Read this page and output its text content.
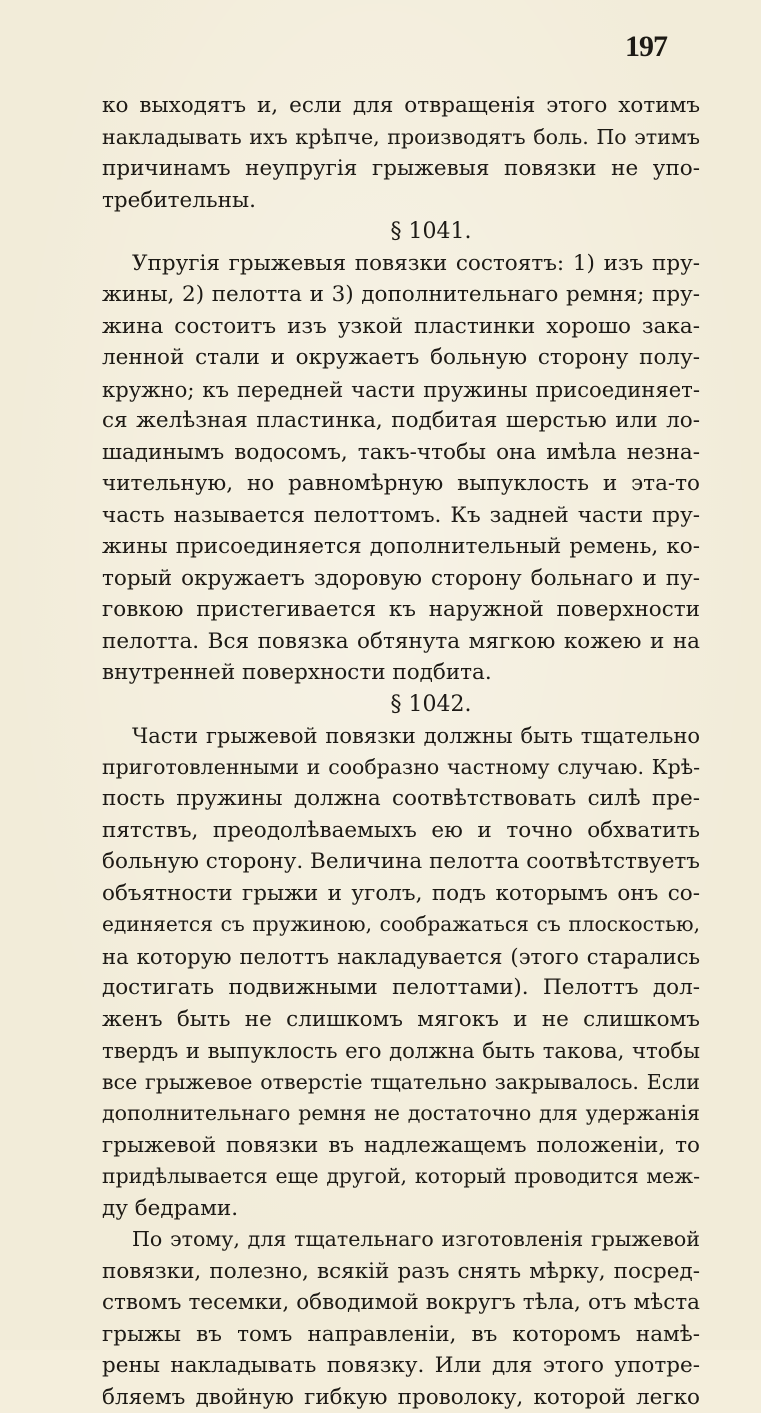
197
ко выходятъ и, если для отвращенія этого хотимъ
накладывать ихъ крѣпче, производятъ боль. По этимъ
причинамъ неупругія грыжевыя повязки не упо-
требительны.
§ 1041.
Упругія грыжевыя повязки состоятъ: 1) изъ пру-
жины, 2) пелотта и 3) дополнительнаго ремня; пру-
жина состоитъ изъ узкой пластинки хорошо зака-
ленной стали и окружаетъ больную сторону полу-
кружно; къ передней части пружины присоединяет-
ся желѣзная пластинка, подбитая шерстью или ло-
шадинымъ водосомъ, такъ-чтобы она имѣла незна-
чительную, но равномѣрную выпуклость и эта-то
часть называется пелоттомъ. Къ задней части пру-
жины присоединяется дополнительный ремень, ко-
торый окружаетъ здоровую сторону больнаго и пу-
говкою пристегивается къ наружной поверхности
пелотта. Вся повязка обтянута мягкою кожею и на
внутренней поверхности подбита.
§ 1042.
Части грыжевой повязки должны быть тщательно
приготовленными и сообразно частному случаю. Крѣ-
пость пружины должна соотвѣтствовать силѣ пре-
пятствъ, преодолѣваемыхъ ею и точно обхватить
больную сторону. Величина пелотта соотвѣтствуетъ
объятности грыжи и уголъ, подъ которымъ онъ со-
единяется съ пружиною, соображаться съ плоскостью,
на которую пелоттъ накладувается (этого старались
достигать подвижными пелоттами). Пелоттъ дол-
женъ быть не слишкомъ мягокъ и не слишкомъ
твердъ и выпуклость его должна быть такова, чтобы
все грыжевое отверстіе тщательно закрывалось. Если
дополнительнаго ремня не достаточно для удержанія
грыжевой повязки въ надлежащемъ положеніи, то
придѣлывается еще другой, который проводится меж-
ду бедрами.
По этому, для тщательнаго изготовленія грыжевой
повязки, полезно, всякій разъ снять мѣрку, посред-
ствомъ тесемки, обводимой вокругъ тѣла, отъ мѣста
грыжы въ томъ направленіи, въ которомъ намѣ-
рены накладывать повязку. Или для этого употре-
бляемъ двойную гибкую проволоку, которой легко
